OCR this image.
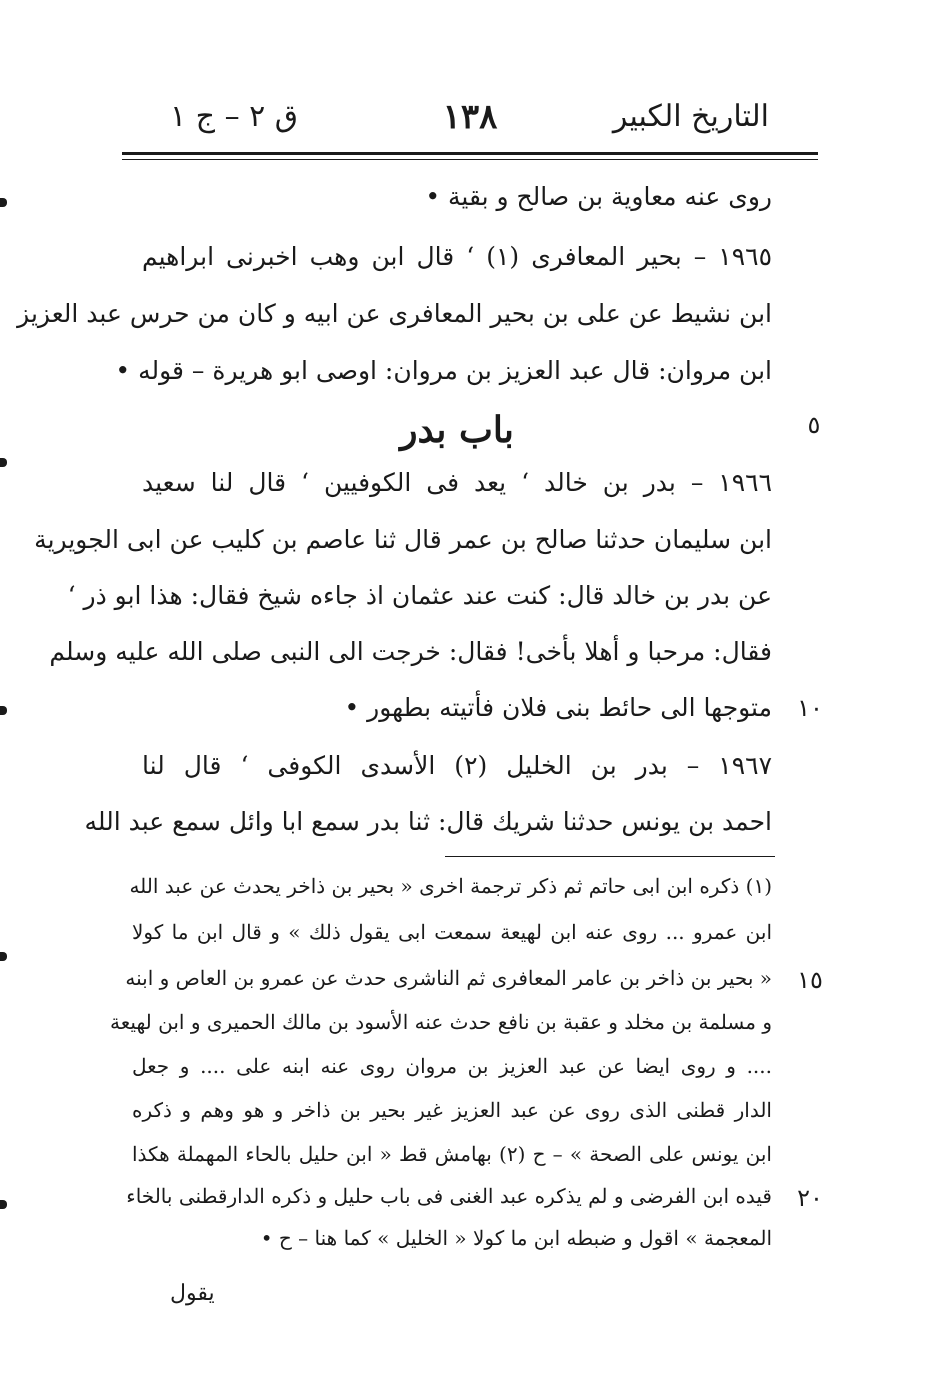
التاريخ الكبير
١٣٨
ق ٢ – ج ١
روى عنه معاوية بن صالح و بقية •
١٩٦٥ – بحير المعافرى (١) ‘ قال ابن وهب اخبرنى ابراهيم
ابن نشيط عن على بن بحير المعافرى عن ابيه و كان من حرس عبد العزيز
ابن مروان: قال عبد العزيز بن مروان: اوصى ابو هريرة – قوله •
باب بدر
١٩٦٦ – بدر بن خالد ‘ يعد فى الكوفيين ‘ قال لنا سعيد
ابن سليمان حدثنا صالح بن عمر قال ثنا عاصم بن كليب عن ابى الجويرية
عن بدر بن خالد قال: كنت عند عثمان اذ جاءه شيخ فقال: هذا ابو ذر ‘
فقال: مرحبا و أهلا بأخى! فقال: خرجت الى النبى صلى الله عليه وسلم
متوجها الى حائط بنى فلان فأتيته بطهور •
١٩٦٧ – بدر بن الخليل (٢) الأسدى الكوفى ‘ قال لنا
احمد بن يونس حدثنا شريك قال: ثنا بدر سمع ابا وائل سمع عبد الله
٥
١٠
(١) ذكره ابن ابى حاتم ثم ذكر ترجمة اخرى « بحير بن ذاخر يحدث عن عبد الله
ابن عمرو ... روى عنه ابن لهيعة سمعت ابى يقول ذلك » و قال ابن ما كولا
« بحير بن ذاخر بن عامر المعافرى ثم الناشرى حدث عن عمرو بن العاص و ابنه
و مسلمة بن مخلد و عقبة بن نافع حدث عنه الأسود بن مالك الحميرى و ابن لهيعة
.... و روى ايضا عن عبد العزيز بن مروان روى عنه ابنه على .... و جعل
الدار قطنى الذى روى عن عبد العزيز غير بحير بن ذاخر و هو وهم و ذكره
ابن يونس على الصحة » – ح (٢) بهامش قط « ابن حليل بالحاء المهملة هكذا
قيده ابن الفرضى و لم يذكره عبد الغنى فى باب حليل و ذكره الدارقطنى بالخاء
المعجمة » اقول و ضبطه ابن ما كولا « الخليل » كما هنا – ح •
١٥
٢٠
يقول
